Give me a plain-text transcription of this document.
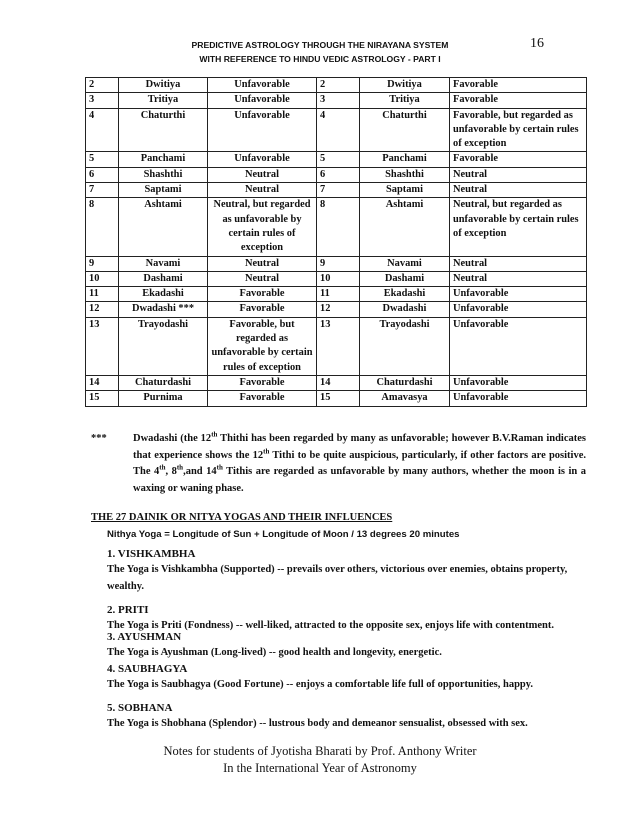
PREDICTIVE ASTROLOGY THROUGH THE NIRAYANA SYSTEM
WITH REFERENCE TO HINDU VEDIC ASTROLOGY - PART I
16
2	Dwitiya	Unfavorable	2	Dwitiya	Favorable
3	Tritiya	Unfavorable	3	Tritiya	Favorable
4	Chaturthi	Unfavorable	4	Chaturthi	Favorable, but regarded as unfavorable by certain rules of exception
5	Panchami	Unfavorable	5	Panchami	Favorable
6	Shashthi	Neutral	6	Shashthi	Neutral
7	Saptami	Neutral	7	Saptami	Neutral
8	Ashtami	Neutral, but regarded as unfavorable by certain rules of exception	8	Ashtami	Neutral, but regarded as unfavorable by certain rules of exception
9	Navami	Neutral	9	Navami	Neutral
10	Dashami	Neutral	10	Dashami	Neutral
11	Ekadashi	Favorable	11	Ekadashi	Unfavorable
12	Dwadashi ***	Favorable	12	Dwadashi	Unfavorable
13	Trayodashi	Favorable, but regarded as unfavorable by certain rules of exception	13	Trayodashi	Unfavorable
14	Chaturdashi	Favorable	14	Chaturdashi	Unfavorable
15	Purnima	Favorable	15	Amavasya	Unfavorable
***	Dwadashi (the 12th Thithi has been regarded by many as unfavorable; however B.V.Raman indicates that experience shows the 12th Tithi to be quite auspicious, particularly, if other factors are positive. The 4th, 8th,and 14th Tithis are regarded as unfavorable by many authors, whether the moon is in a waxing or waning phase.
THE 27 DAINIK OR NITYA YOGAS AND THEIR INFLUENCES
Nithya Yoga = Longitude of Sun + Longitude of Moon / 13 degrees 20 minutes
1. VISHKAMBHA
The Yoga is Vishkambha (Supported) -- prevails over others, victorious over enemies, obtains property, wealthy.
2. PRITI
The Yoga is Priti (Fondness) -- well-liked, attracted to the opposite sex, enjoys life with contentment.
3. AYUSHMAN
The Yoga is Ayushman (Long-lived) -- good health and longevity, energetic.
4. SAUBHAGYA
The Yoga is Saubhagya (Good Fortune) -- enjoys a comfortable life full of opportunities, happy.
5. SOBHANA
The Yoga is Shobhana (Splendor) -- lustrous body and demeanor sensualist, obsessed with sex.
Notes for students of Jyotisha Bharati by Prof. Anthony Writer
In the International Year of Astronomy
